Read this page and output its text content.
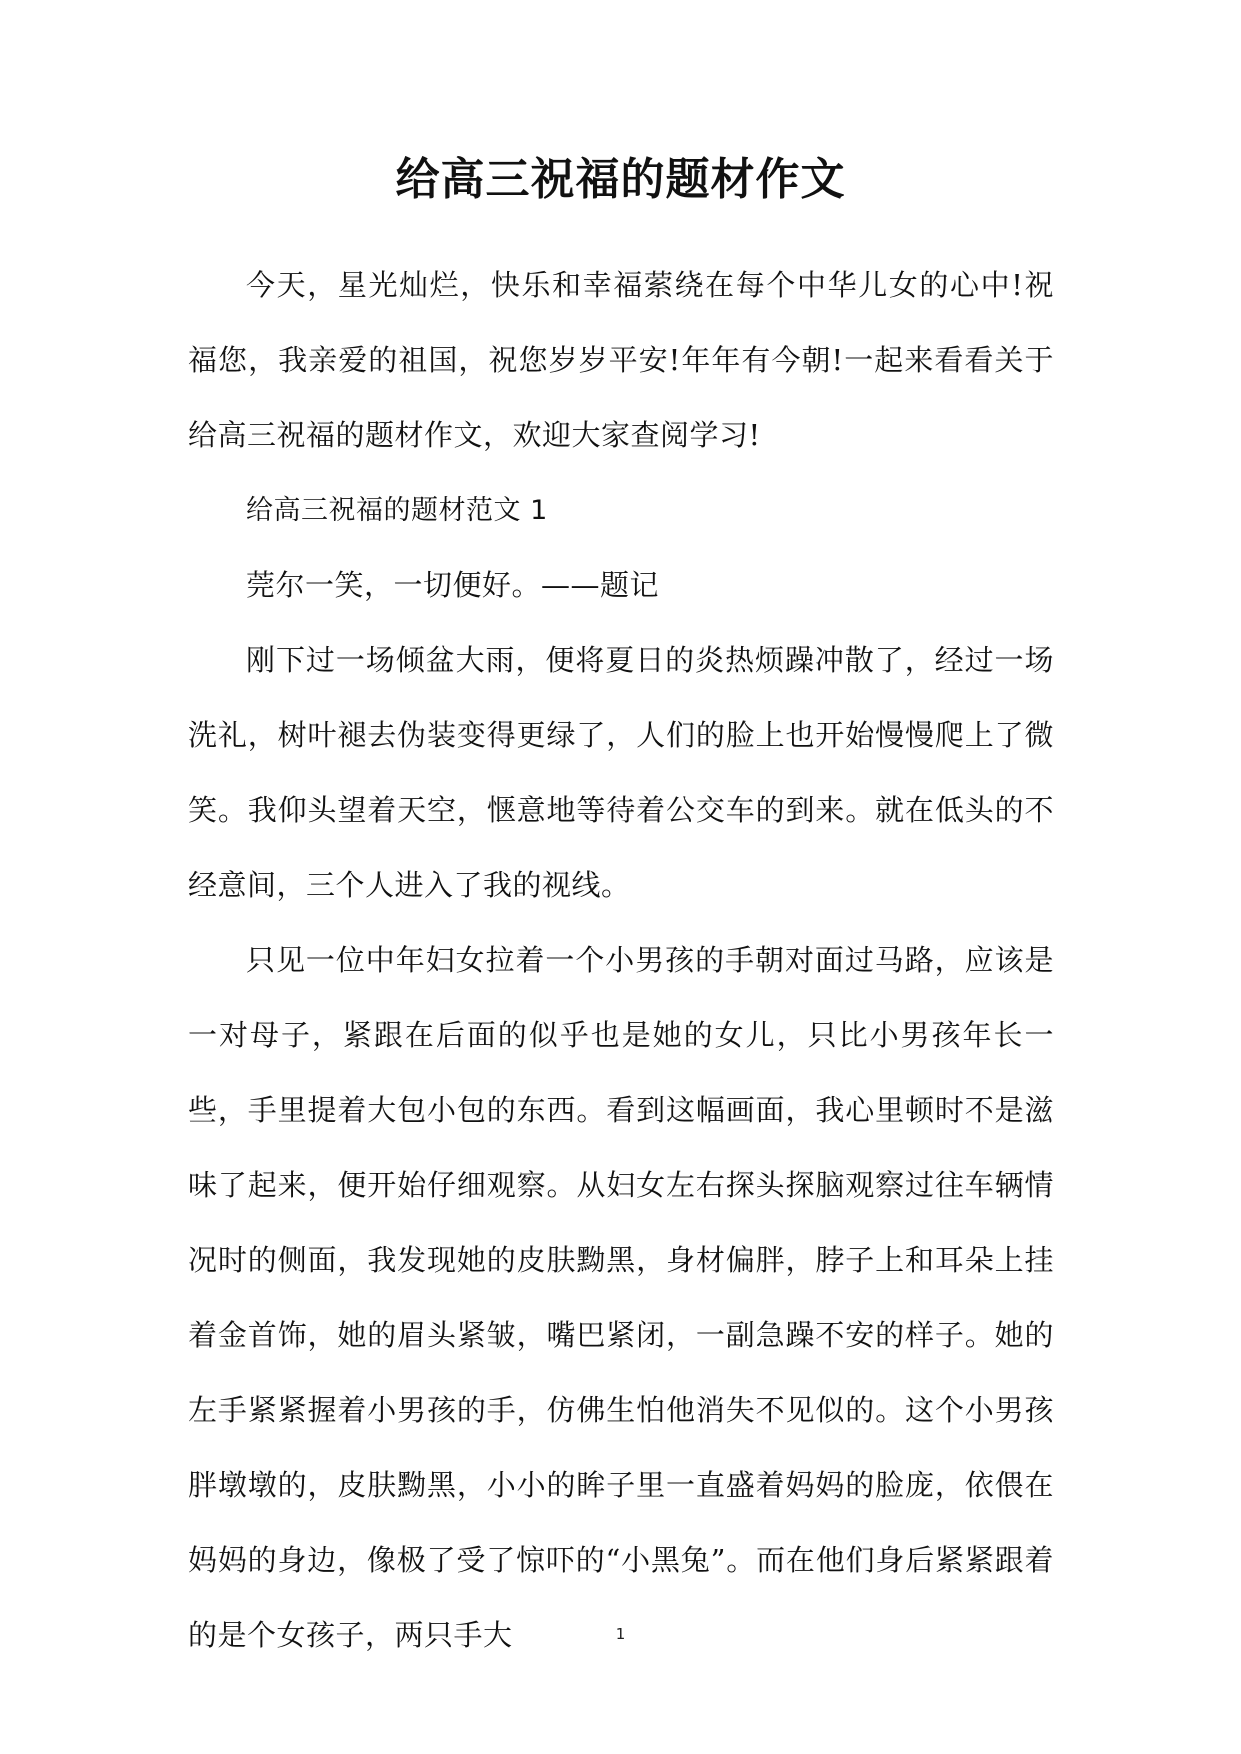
给高三祝福的题材作文

今天，星光灿烂，快乐和幸福萦绕在每个中华儿女的心中!祝福您，我亲爱的祖国，祝您岁岁平安!年年有今朝!一起来看看关于给高三祝福的题材作文，欢迎大家查阅学习!

给高三祝福的题材范文 1

莞尔一笑，一切便好。——题记

刚下过一场倾盆大雨，便将夏日的炎热烦躁冲散了，经过一场洗礼，树叶褪去伪装变得更绿了，人们的脸上也开始慢慢爬上了微笑。我仰头望着天空，惬意地等待着公交车的到来。就在低头的不经意间，三个人进入了我的视线。

只见一位中年妇女拉着一个小男孩的手朝对面过马路，应该是一对母子，紧跟在后面的似乎也是她的女儿，只比小男孩年长一些，手里提着大包小包的东西。看到这幅画面，我心里顿时不是滋味了起来，便开始仔细观察。从妇女左右探头探脑观察过往车辆情况时的侧面，我发现她的皮肤黝黑，身材偏胖，脖子上和耳朵上挂着金首饰，她的眉头紧皱，嘴巴紧闭，一副急躁不安的样子。她的左手紧紧握着小男孩的手，仿佛生怕他消失不见似的。这个小男孩胖墩墩的，皮肤黝黑，小小的眸子里一直盛着妈妈的脸庞，依偎在妈妈的身边，像极了受了惊吓的“小黑兔”。而在他们身后紧紧跟着的是个女孩子，两只手大	1
